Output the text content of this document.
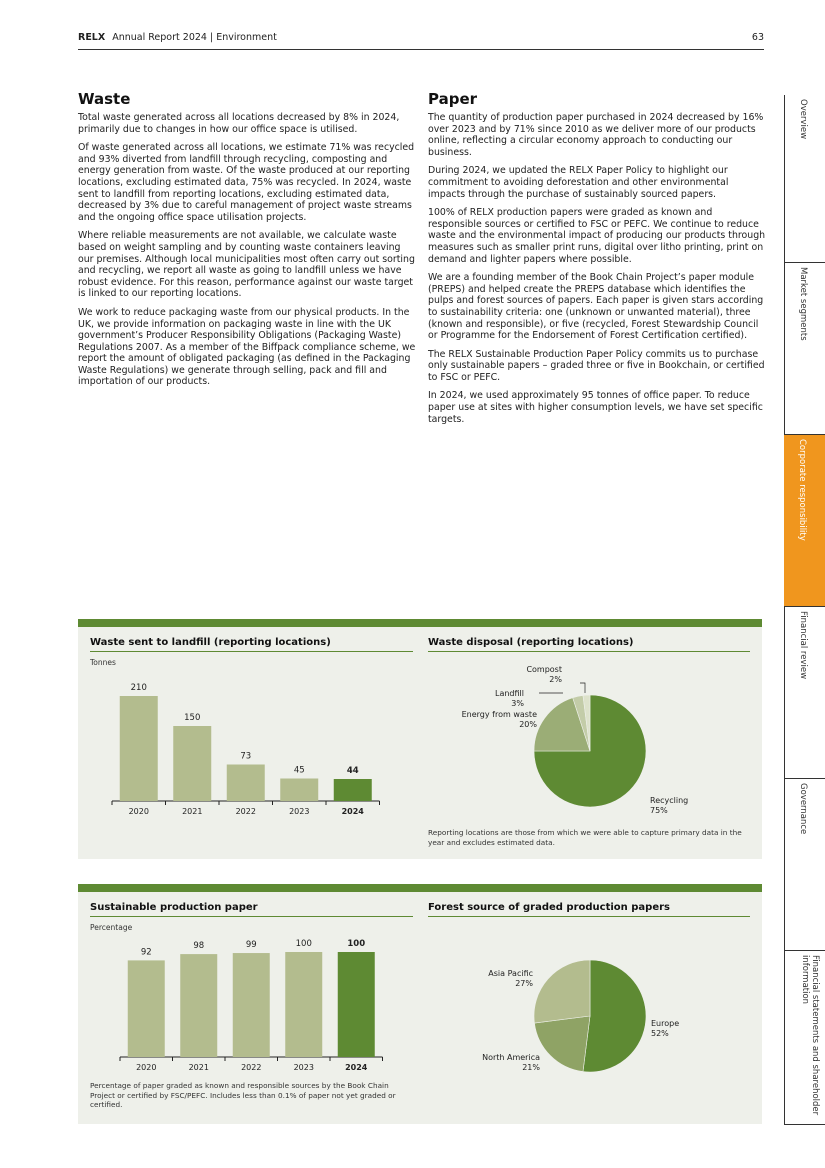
RELX Annual Report 2024 | Environment	63
Waste

Total waste generated across all locations decreased by 8% in 2024, primarily due to changes in how our office space is utilised.

Of waste generated across all locations, we estimate 71% was recycled and 93% diverted from landfill through recycling, composting and energy generation from waste. Of the waste produced at our reporting locations, excluding estimated data, 75% was recycled. In 2024, waste sent to landfill from reporting locations, excluding estimated data, decreased by 3% due to careful management of project waste streams and the ongoing office space utilisation projects.

Where reliable measurements are not available, we calculate waste based on weight sampling and by counting waste containers leaving our premises. Although local municipalities most often carry out sorting and recycling, we report all waste as going to landfill unless we have robust evidence. For this reason, performance against our waste target is linked to our reporting locations.

We work to reduce packaging waste from our physical products. In the UK, we provide information on packaging waste in line with the UK government’s Producer Responsibility Obligations (Packaging Waste) Regulations 2007. As a member of the Biffpack compliance scheme, we report the amount of obligated packaging (as defined in the Packaging Waste Regulations) we generate through selling, pack and fill and importation of our products.

Paper

The quantity of production paper purchased in 2024 decreased by 16% over 2023 and by 71% since 2010 as we deliver more of our products online, reflecting a circular economy approach to conducting our business.

During 2024, we updated the RELX Paper Policy to highlight our commitment to avoiding deforestation and other environmental impacts through the purchase of sustainably sourced papers.

100% of RELX production papers were graded as known and responsible sources or certified to FSC or PEFC. We continue to reduce waste and the environmental impact of producing our products through measures such as smaller print runs, digital over litho printing, print on demand and lighter papers where possible.

We are a founding member of the Book Chain Project’s paper module (PREPS) and helped create the PREPS database which identifies the pulps and forest sources of papers. Each paper is given stars according to sustainability criteria: one (unknown or unwanted material), three (known and responsible), or five (recycled, Forest Stewardship Council or Programme for the Endorsement of Forest Certification certified).

The RELX Sustainable Production Paper Policy commits us to purchase only sustainable papers – graded three or five in Bookchain, or certified to FSC or PEFC.

In 2024, we used approximately 95 tonnes of office paper. To reduce paper use at sites with higher consumption levels, we have set specific targets.

Overview
Market segments
Corporate responsibility
Financial review
Governance
Financial statements and shareholder information
Waste sent to landfill (reporting locations)
Tonnes
210
2020
150
2021
73
2022
45
2023
44
2024
Waste disposal (reporting locations)
Recycling
75%
Energy from waste
20%
Landfill
3%
Compost
2%
Reporting locations are those from which we were able to capture primary data in the year and excludes estimated data.
Sustainable production paper
Percentage
92
2020
98
2021
99
2022
100
2023
100
2024
Percentage of paper graded as known and responsible sources by the Book Chain Project or certified by FSC/PEFC. Includes less than 0.1% of paper not yet graded or certified.
Forest source of graded production papers
Europe
52%
North America
21%
Asia Pacific
27%
